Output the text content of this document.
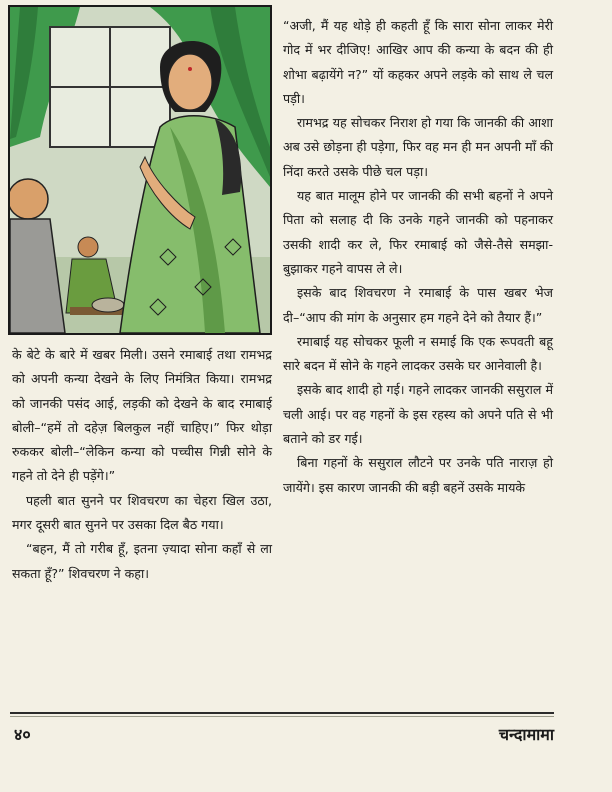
“अजी, मैं यह थोड़े ही कहती हूँ कि सारा सोना लाकर मेरी गोद में भर दीजिए! आखिर आप की कन्या के बदन की ही शोभा बढ़ायेंगे न?” यों कहकर अपने लड़के को साथ ले चल पड़ी।

रामभद्र यह सोचकर निराश हो गया कि जानकी की आशा अब उसे छोड़ना ही पड़ेगा, फिर वह मन ही मन अपनी माँ की निंदा करते उसके पीछे चल पड़ा।

यह बात मालूम होने पर जानकी की सभी बहनों ने अपने पिता को सलाह दी कि उनके गहने जानकी को पहनाकर उसकी शादी कर ले, फिर रमाबाई को जैसे-तैसे समझा-बुझाकर गहने वापस ले ले।

इसके बाद शिवचरण ने रमाबाई के पास खबर भेज दी–“आप की मांग के अनुसार हम गहने देने को तैयार हैं।”

रमाबाई यह सोचकर फूली न समाई कि एक रूपवती बहू सारे बदन में सोने के गहने लादकर उसके घर आनेवाली है।

इसके बाद शादी हो गई। गहने लादकर जानकी ससुराल में चली आई। पर वह गहनों के इस रहस्य को अपने पति से भी बताने को डर गई।

बिना गहनों के ससुराल लौटने पर उनके पति नाराज़ हो जायेंगे। इस कारण जानकी की बड़ी बहनें उसके मायके

के बेटे के बारे में खबर मिली। उसने रमाबाई तथा रामभद्र को अपनी कन्या देखने के लिए निमंत्रित किया। रामभद्र को जानकी पसंद आई, लड़की को देखने के बाद रमाबाई बोली–“हमें तो दहेज़ बिलकुल नहीं चाहिए।” फिर थोड़ा रुककर बोली–“लेकिन कन्या को पच्चीस गिन्नी सोने के गहने तो देने ही पड़ेंगे।”

पहली बात सुनने पर शिवचरण का चेहरा खिल उठा, मगर दूसरी बात सुनने पर उसका दिल बैठ गया।

“बहन, मैं तो गरीब हूँ, इतना ज़्यादा सोना कहाँ से ला सकता हूँ?” शिवचरण ने कहा।

४०	चन्दामामा
